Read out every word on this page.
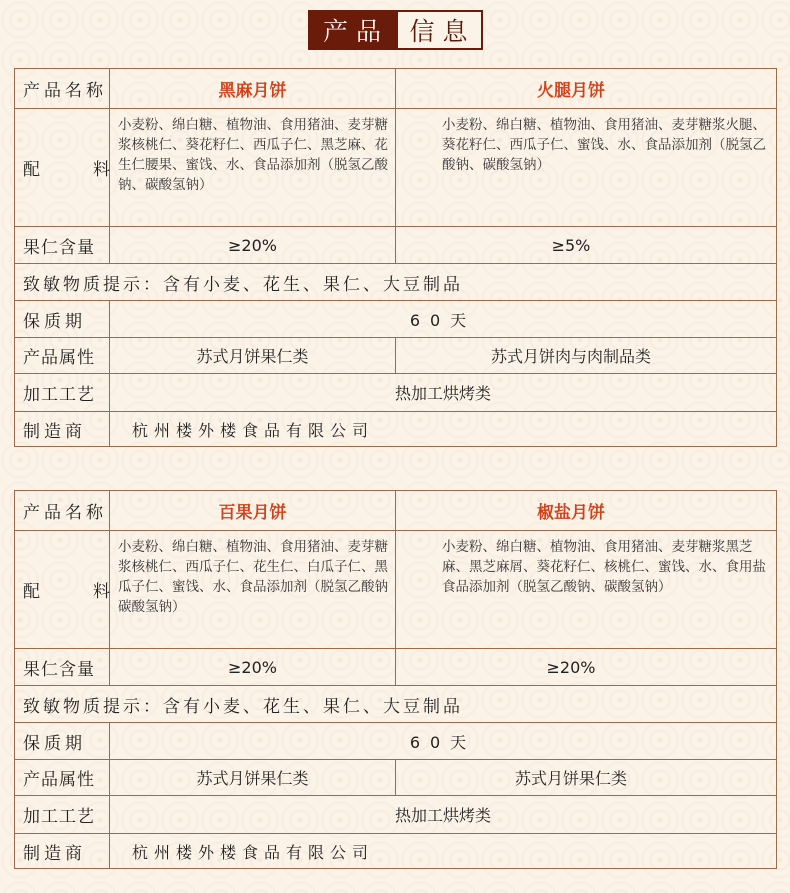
产品 信息
产品名称	黑麻月饼	火腿月饼
配　料	小麦粉、绵白糖、植物油、食用猪油、麦芽糖浆核桃仁、葵花籽仁、西瓜子仁、黑芝麻、花生仁腰果、蜜饯、水、食品添加剂（脱氢乙酸钠、碳酸氢钠）	小麦粉、绵白糖、植物油、食用猪油、麦芽糖浆火腿、葵花籽仁、西瓜子仁、蜜饯、水、食品添加剂（脱氢乙酸钠、碳酸氢钠）
果仁含量	≥20%	≥5%
致敏物质提示：含有小麦、花生、果仁、大豆制品		
保质期	60天	
产品属性	苏式月饼果仁类	苏式月饼肉与肉制品类
加工工艺	热加工烘烤类	
制造商	杭州楼外楼食品有限公司	
产品名称	百果月饼	椒盐月饼
配　料	小麦粉、绵白糖、植物油、食用猪油、麦芽糖浆核桃仁、西瓜子仁、花生仁、白瓜子仁、黑瓜子仁、蜜饯、水、食品添加剂（脱氢乙酸钠碳酸氢钠）	小麦粉、绵白糖、植物油、食用猪油、麦芽糖浆黑芝麻、黑芝麻屑、葵花籽仁、核桃仁、蜜饯、水、食用盐食品添加剂（脱氢乙酸钠、碳酸氢钠）
果仁含量	≥20%	≥20%
致敏物质提示：含有小麦、花生、果仁、大豆制品		
保质期	60天	
产品属性	苏式月饼果仁类	苏式月饼果仁类
加工工艺	热加工烘烤类	
制造商	杭州楼外楼食品有限公司	
